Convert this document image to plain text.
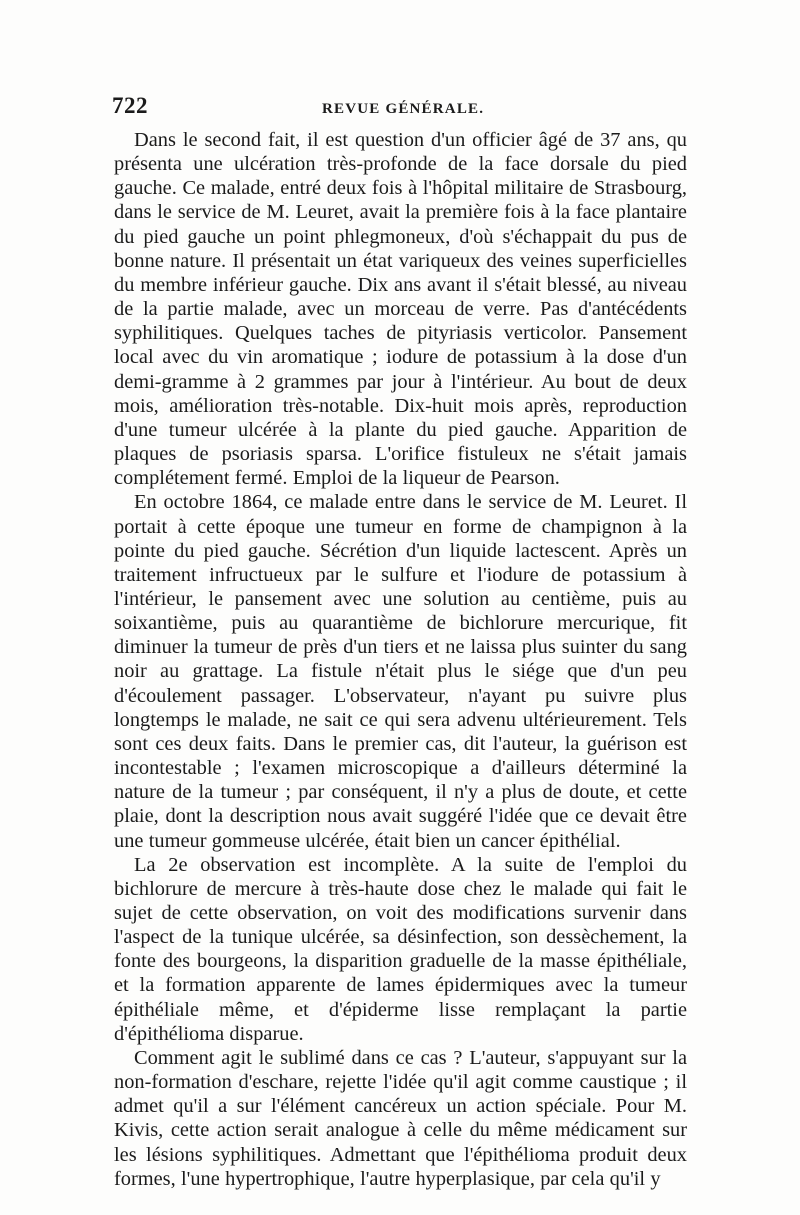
722	REVUE GÉNÉRALE.

Dans le second fait, il est question d'un officier âgé de 37 ans, qu présenta une ulcération très-profonde de la face dorsale du pied gauche. Ce malade, entré deux fois à l'hôpital militaire de Strasbourg, dans le service de M. Leuret, avait la première fois à la face plantaire du pied gauche un point phlegmoneux, d'où s'échappait du pus de bonne nature. Il présentait un état variqueux des veines superficielles du membre inférieur gauche. Dix ans avant il s'était blessé, au niveau de la partie malade, avec un morceau de verre. Pas d'antécédents syphilitiques. Quelques taches de pityriasis verticolor. Pansement local avec du vin aromatique ; iodure de potassium à la dose d'un demi-gramme à 2 grammes par jour à l'intérieur. Au bout de deux mois, amélioration très-notable. Dix-huit mois après, reproduction d'une tumeur ulcérée à la plante du pied gauche. Apparition de plaques de psoriasis sparsa. L'orifice fistuleux ne s'était jamais complétement fermé. Emploi de la liqueur de Pearson.

En octobre 1864, ce malade entre dans le service de M. Leuret. Il portait à cette époque une tumeur en forme de champignon à la pointe du pied gauche. Sécrétion d'un liquide lactescent. Après un traitement infructueux par le sulfure et l'iodure de potassium à l'intérieur, le pansement avec une solution au centième, puis au soixantième, puis au quarantième de bichlorure mercurique, fit diminuer la tumeur de près d'un tiers et ne laissa plus suinter du sang noir au grattage. La fistule n'était plus le siége que d'un peu d'écoulement passager. L'observateur, n'ayant pu suivre plus longtemps le malade, ne sait ce qui sera advenu ultérieurement. Tels sont ces deux faits. Dans le premier cas, dit l'auteur, la guérison est incontestable ; l'examen microscopique a d'ailleurs déterminé la nature de la tumeur ; par conséquent, il n'y a plus de doute, et cette plaie, dont la description nous avait suggéré l'idée que ce devait être une tumeur gommeuse ulcérée, était bien un cancer épithélial.

La 2e observation est incomplète. A la suite de l'emploi du bichlorure de mercure à très-haute dose chez le malade qui fait le sujet de cette observation, on voit des modifications survenir dans l'aspect de la tunique ulcérée, sa désinfection, son dessèchement, la fonte des bourgeons, la disparition graduelle de la masse épithéliale, et la formation apparente de lames épidermiques avec la tumeur épithéliale même, et d'épiderme lisse remplaçant la partie d'épithélioma disparue.

Comment agit le sublimé dans ce cas ? L'auteur, s'appuyant sur la non-formation d'eschare, rejette l'idée qu'il agit comme caustique ; il admet qu'il a sur l'élément cancéreux un action spéciale. Pour M. Kivis, cette action serait analogue à celle du même médicament sur les lésions syphilitiques. Admettant que l'épithélioma produit deux formes, l'une hypertrophique, l'autre hyperplasique, par cela qu'il y
